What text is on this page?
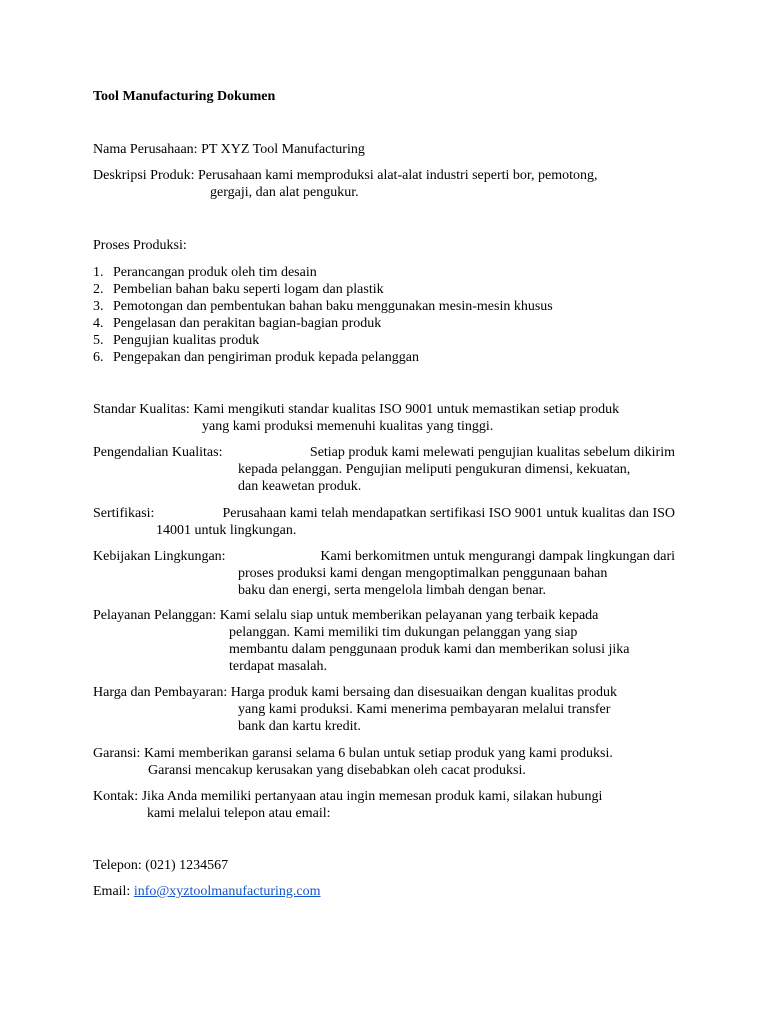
Tool Manufacturing Dokumen
Nama Perusahaan: PT XYZ Tool Manufacturing
Deskripsi Produk: Perusahaan kami memproduksi alat-alat industri seperti bor, pemotong,
gergaji, dan alat pengukur.
Proses Produksi:
1. Perancangan produk oleh tim desain
2. Pembelian bahan baku seperti logam dan plastik
3. Pemotongan dan pembentukan bahan baku menggunakan mesin-mesin khusus
4. Pengelasan dan perakitan bagian-bagian produk
5. Pengujian kualitas produk
6. Pengepakan dan pengiriman produk kepada pelanggan
Standar Kualitas: Kami mengikuti standar kualitas ISO 9001 untuk memastikan setiap produk
yang kami produksi memenuhi kualitas yang tinggi.
Pengendalian Kualitas:	Setiap produk kami melewati pengujian kualitas sebelum dikirim
kepada pelanggan. Pengujian meliputi pengukuran dimensi, kekuatan,
dan keawetan produk.
Sertifikasi:	Perusahaan kami telah mendapatkan sertifikasi ISO 9001 untuk kualitas dan ISO
14001 untuk lingkungan.
Kebijakan Lingkungan:	Kami berkomitmen untuk mengurangi dampak lingkungan dari
proses produksi kami dengan mengoptimalkan penggunaan bahan
baku dan energi, serta mengelola limbah dengan benar.
Pelayanan Pelanggan: Kami selalu siap untuk memberikan pelayanan yang terbaik kepada
pelanggan. Kami memiliki tim dukungan pelanggan yang siap
membantu dalam penggunaan produk kami dan memberikan solusi jika
terdapat masalah.
Harga dan Pembayaran: Harga produk kami bersaing dan disesuaikan dengan kualitas produk
yang kami produksi. Kami menerima pembayaran melalui transfer
bank dan kartu kredit.
Garansi: Kami memberikan garansi selama 6 bulan untuk setiap produk yang kami produksi.
Garansi mencakup kerusakan yang disebabkan oleh cacat produksi.
Kontak: Jika Anda memiliki pertanyaan atau ingin memesan produk kami, silakan hubungi
kami melalui telepon atau email:
Telepon: (021) 1234567
Email: info@xyztoolmanufacturing.com
